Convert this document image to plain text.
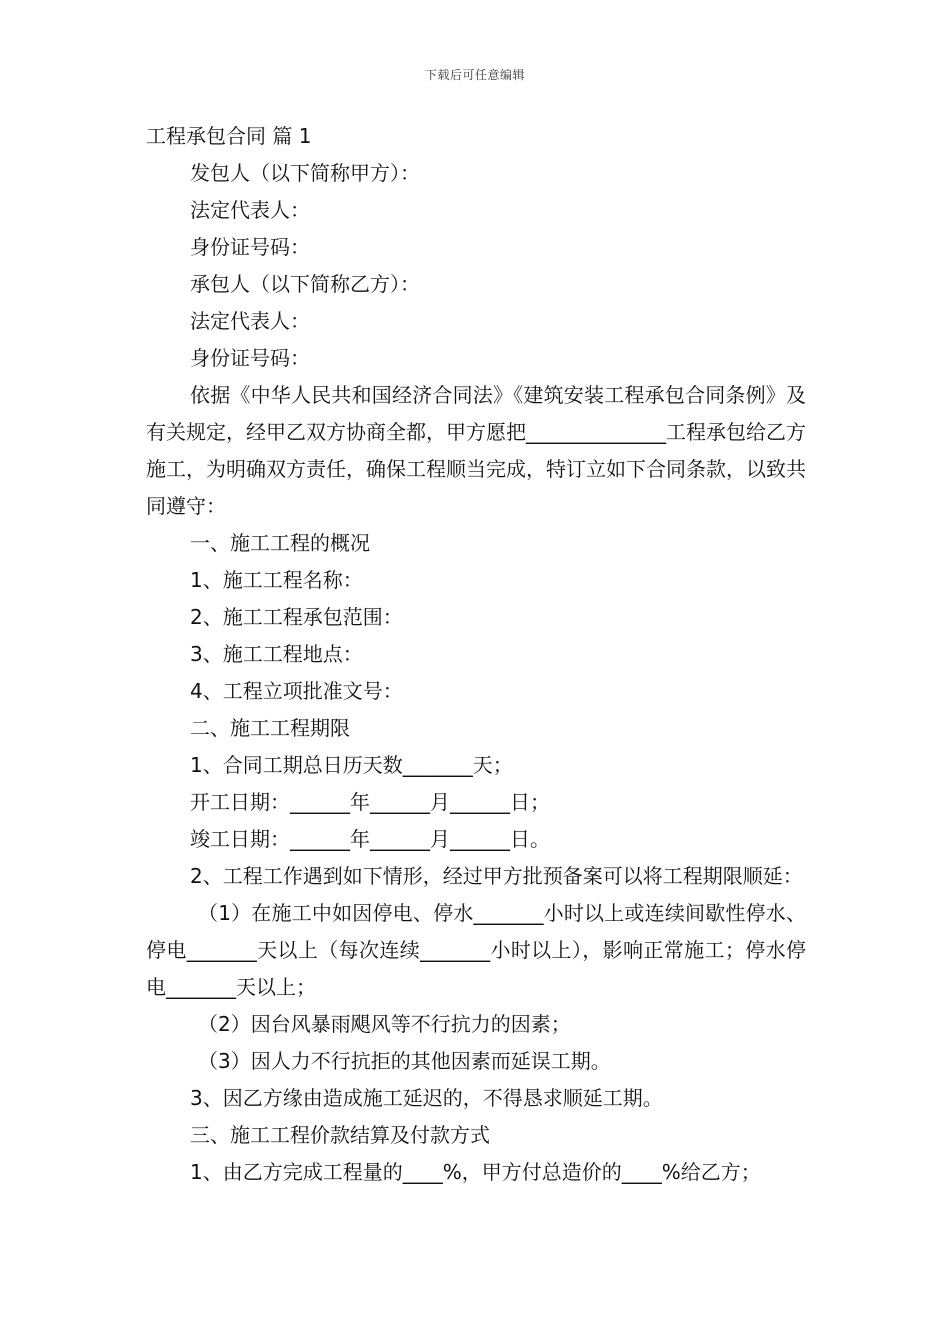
下载后可任意编辑

工程承包合同 篇 1

发包人（以下简称甲方）：

法定代表人：

身份证号码：

承包人（以下简称乙方）：

法定代表人：

身份证号码：

依据《中华人民共和国经济合同法》《建筑安装工程承包合同条例》及有关规定，经甲乙双方协商全都，甲方愿把______________工程承包给乙方施工，为明确双方责任，确保工程顺当完成，特订立如下合同条款，以致共同遵守：

一、施工工程的概况

1、施工工程名称：

2、施工工程承包范围：

3、施工工程地点：

4、工程立项批准文号：

二、施工工程期限

1、合同工期总日历天数_______天；

开工日期：______年______月______日；

竣工日期：______年______月______日。

2、工程工作遇到如下情形，经过甲方批预备案可以将工程期限顺延：

（1）在施工中如因停电、停水_______小时以上或连续间歇性停水、停电_______天以上（每次连续_______小时以上），影响正常施工；停水停电_______天以上；

（2）因台风暴雨飓风等不行抗力的因素；

（3）因人力不行抗拒的其他因素而延误工期。

3、因乙方缘由造成施工延迟的，不得恳求顺延工期。

三、施工工程价款结算及付款方式

1、由乙方完成工程量的____%，甲方付总造价的____%给乙方；
